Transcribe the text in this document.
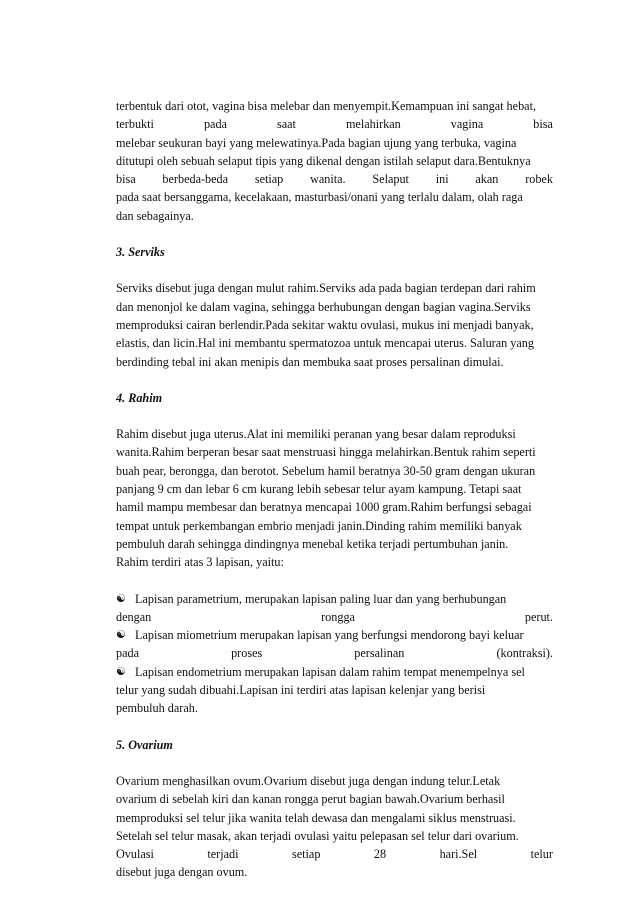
terbentuk dari otot, vagina bisa melebar dan menyempit.Kemampuan ini sangat hebat,
terbukti	pada	saat	melahirkan	vagina	bisa
melebar seukuran bayi yang melewatinya.Pada bagian ujung yang terbuka, vagina
ditutupi oleh sebuah selaput tipis yang dikenal dengan istilah selaput dara.Bentuknya
bisa berbeda-beda setiap wanita. Selaput ini akan robek
pada saat bersanggama, kecelakaan, masturbasi/onani yang terlalu dalam, olah raga
dan sebagainya.
3. Serviks
Serviks disebut juga dengan mulut rahim.Serviks ada pada bagian terdepan dari rahim
dan menonjol ke dalam vagina, sehingga berhubungan dengan bagian vagina.Serviks
memproduksi cairan berlendir.Pada sekitar waktu ovulasi, mukus ini menjadi banyak,
elastis, dan licin.Hal ini membantu spermatozoa untuk mencapai uterus. Saluran yang
berdinding tebal ini akan menipis dan membuka saat proses persalinan dimulai.
4. Rahim
Rahim disebut juga uterus.Alat ini memiliki peranan yang besar dalam reproduksi
wanita.Rahim berperan besar saat menstruasi hingga melahirkan.Bentuk rahim seperti
buah pear, berongga, dan berotot. Sebelum hamil beratnya 30-50 gram dengan ukuran
panjang 9 cm dan lebar 6 cm kurang lebih sebesar telur ayam kampung. Tetapi saat
hamil mampu membesar dan beratnya mencapai 1000 gram.Rahim berfungsi sebagai
tempat untuk perkembangan embrio menjadi janin.Dinding rahim memiliki banyak
pembuluh darah sehingga dindingnya menebal ketika terjadi pertumbuhan janin.
Rahim terdiri atas 3 lapisan, yaitu:
☯ Lapisan parametrium, merupakan lapisan paling luar dan yang berhubungan
dengan	rongga	perut.
☯ Lapisan miometrium merupakan lapisan yang berfungsi mendorong bayi keluar
pada	proses	persalinan	(kontraksi).
☯ Lapisan endometrium merupakan lapisan dalam rahim tempat menempelnya sel
telur yang sudah dibuahi.Lapisan ini terdiri atas lapisan kelenjar yang berisi
pembuluh darah.
5. Ovarium
Ovarium menghasilkan ovum.Ovarium disebut juga dengan indung telur.Letak
ovarium di sebelah kiri dan kanan rongga perut bagian bawah.Ovarium berhasil
memproduksi sel telur jika wanita telah dewasa dan mengalami siklus menstruasi.
Setelah sel telur masak, akan terjadi ovulasi yaitu pelepasan sel telur dari ovarium.
Ovulasi	terjadi	setiap	28	hari.Sel	telur
disebut juga dengan ovum.
